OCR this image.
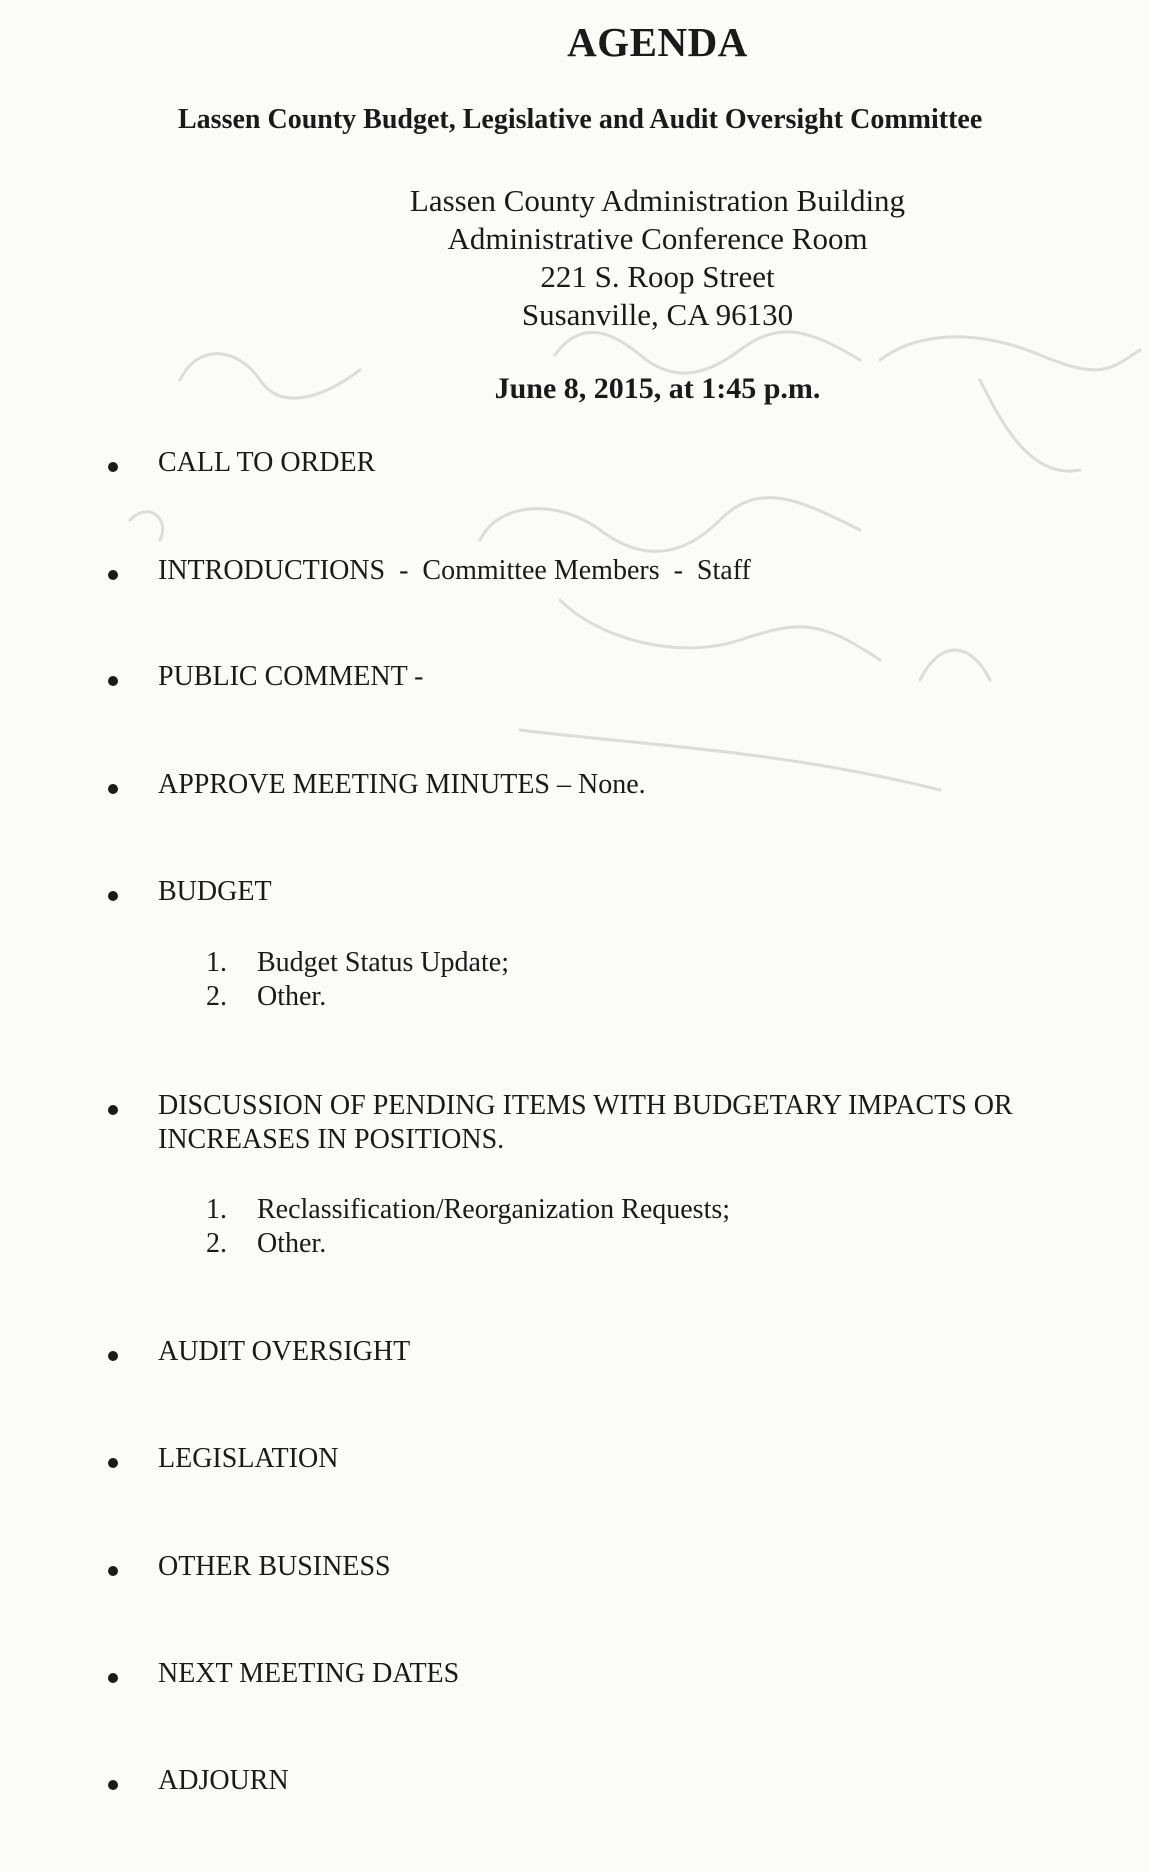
AGENDA
Lassen County Budget, Legislative and Audit Oversight Committee
Lassen County Administration Building
Administrative Conference Room
221 S. Roop Street
Susanville, CA 96130
June 8, 2015, at 1:45 p.m.
CALL TO ORDER
INTRODUCTIONS  -  Committee Members  -  Staff
PUBLIC COMMENT -
APPROVE MEETING MINUTES – None.
BUDGET
1. Budget Status Update;
2. Other.
DISCUSSION OF PENDING ITEMS WITH BUDGETARY IMPACTS OR
INCREASES IN POSITIONS.
1. Reclassification/Reorganization Requests;
2. Other.
AUDIT OVERSIGHT
LEGISLATION
OTHER BUSINESS
NEXT MEETING DATES
ADJOURN
